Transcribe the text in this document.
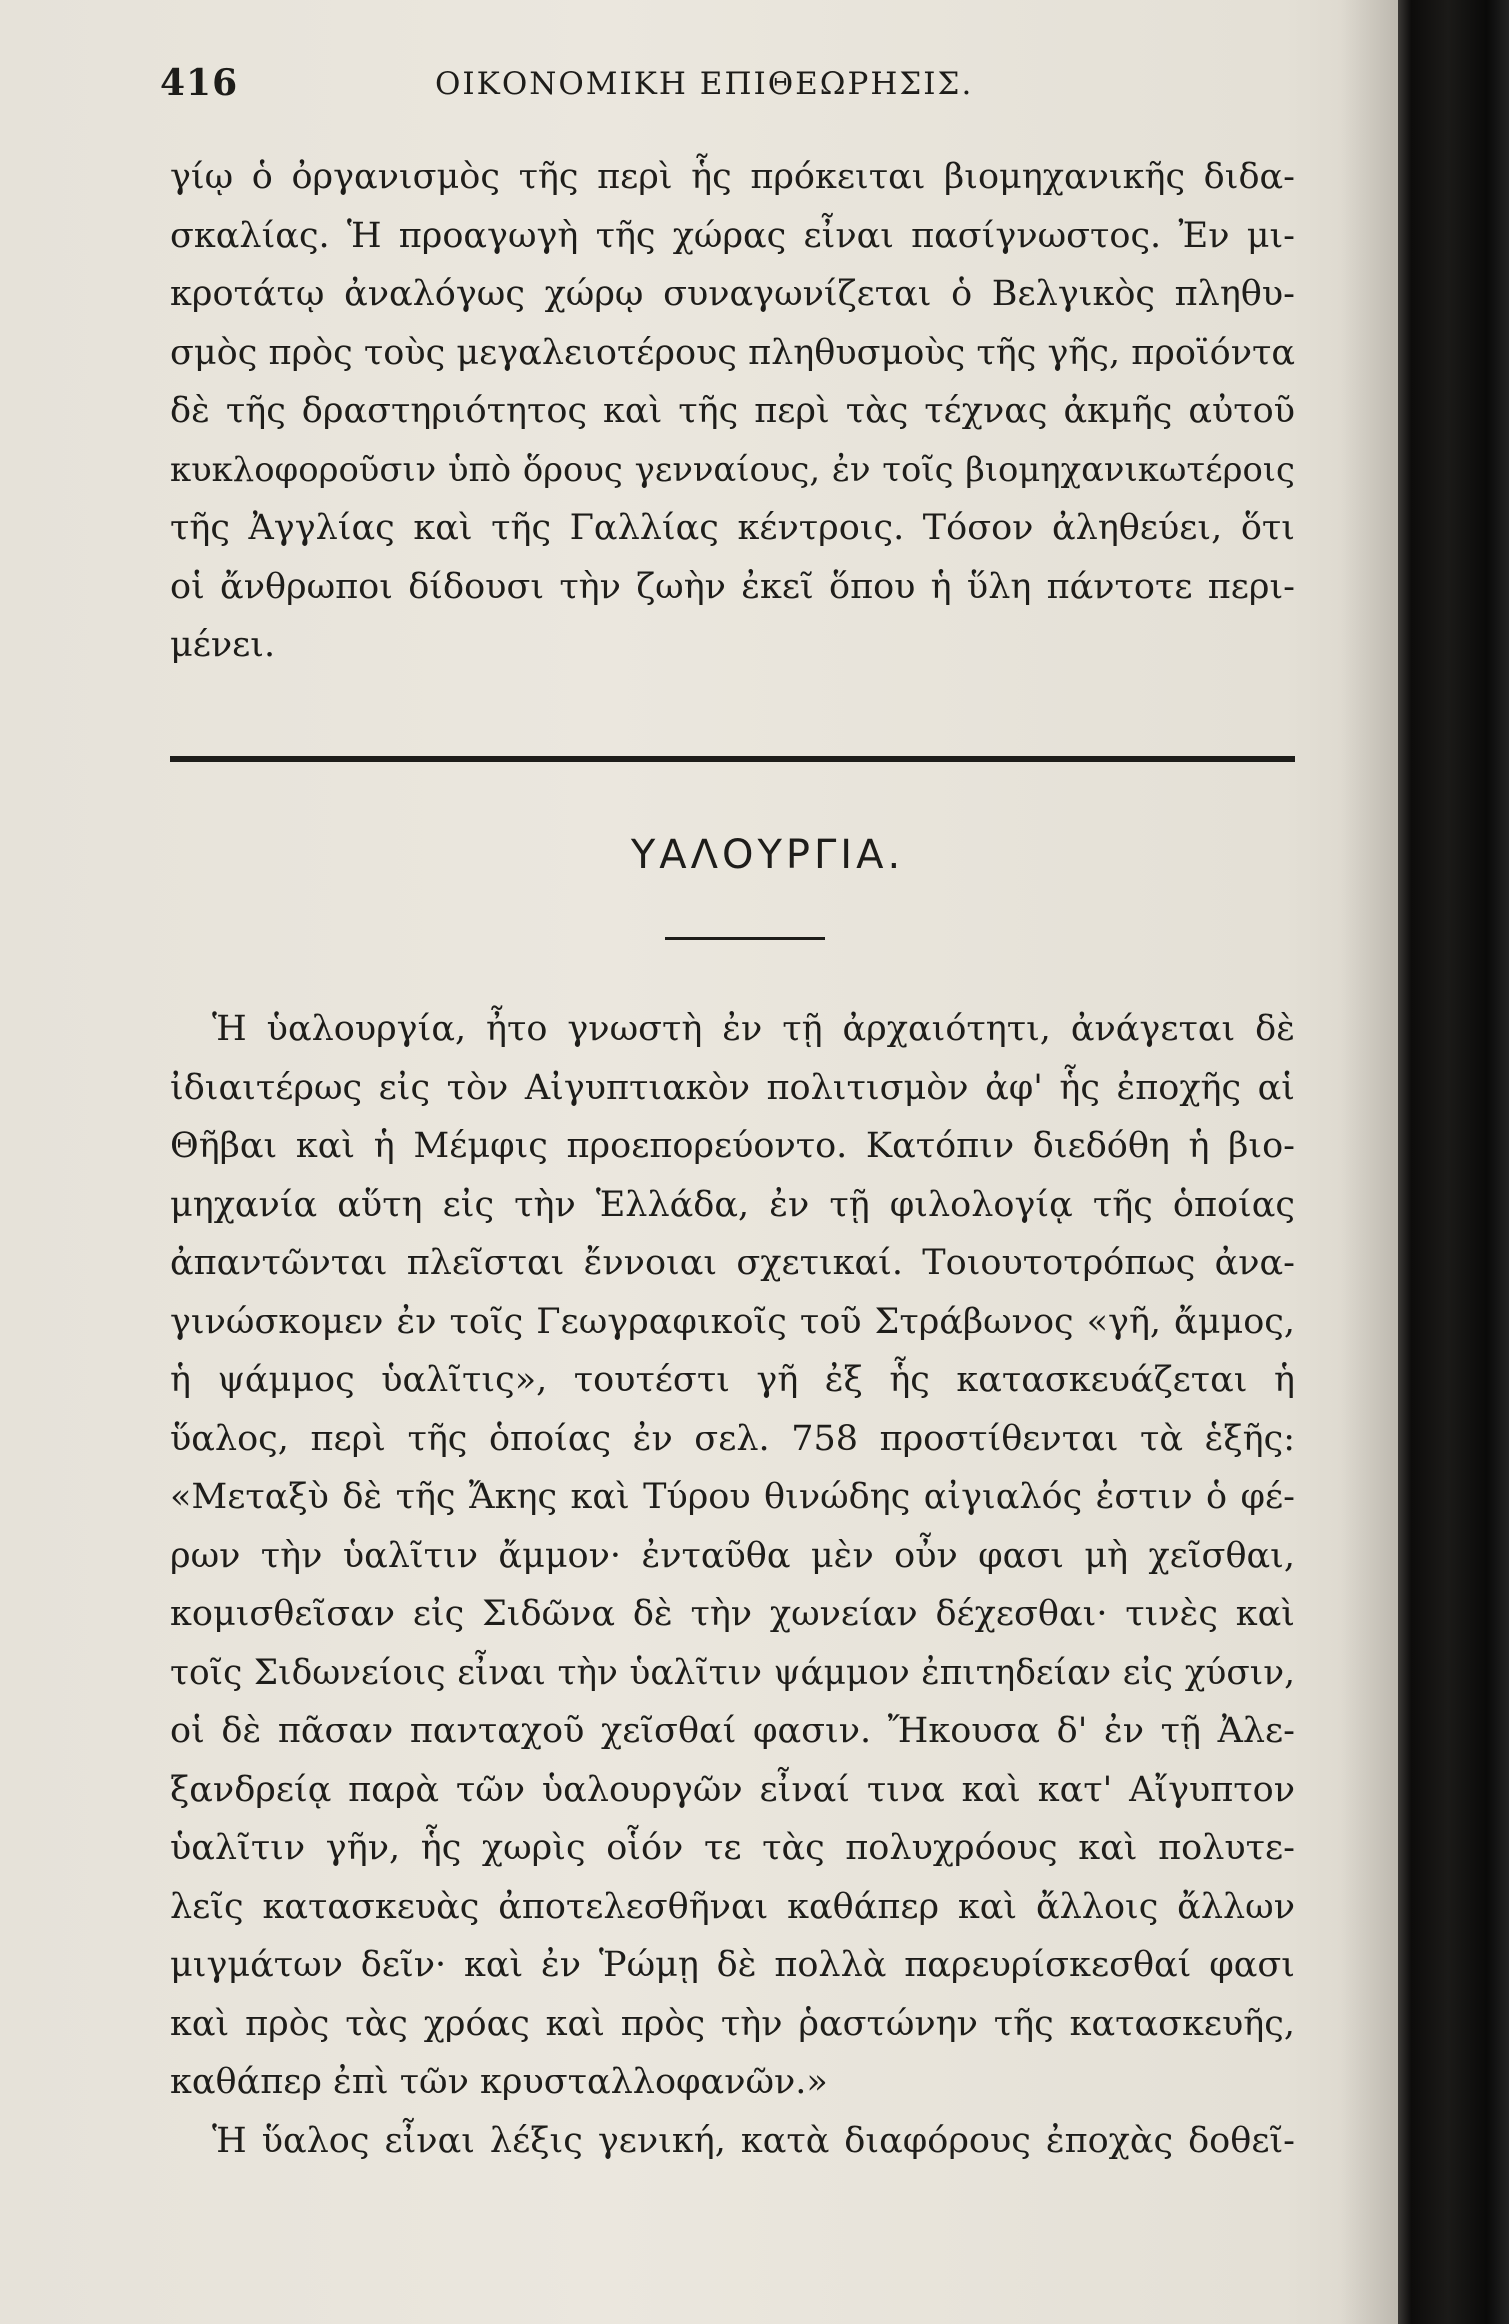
416	ΟΙΚΟΝΟΜΙΚΗ ΕΠΙΘΕΩΡΗΣΙΣ.
γίῳ ὁ ὀργανισμὸς τῆς περὶ ἧς πρόκειται βιομηχανικῆς διδα-
σκαλίας. Ἡ προαγωγὴ τῆς χώρας εἶναι πασίγνωστος. Ἐν μι-
κροτάτῳ ἀναλόγως χώρῳ συναγωνίζεται ὁ Βελγικὸς πληθυ-
σμὸς πρὸς τοὺς μεγαλειοτέρους πληθυσμοὺς τῆς γῆς, προϊόντα
δὲ τῆς δραστηριότητος καὶ τῆς περὶ τὰς τέχνας ἀκμῆς αὐτοῦ
κυκλοφοροῦσιν ὑπὸ ὅρους γενναίους, ἐν τοῖς βιομηχανικωτέροις
τῆς Ἀγγλίας καὶ τῆς Γαλλίας κέντροις. Τόσον ἀληθεύει, ὅτι
οἱ ἄνθρωποι δίδουσι τὴν ζωὴν ἐκεῖ ὅπου ἡ ὕλη πάντοτε περι-
μένει.
ΥΑΛΟΥΡΓΙΑ.
Ἡ ὑαλουργία, ἦτο γνωστὴ ἐν τῇ ἀρχαιότητι, ἀνάγεται δὲ
ἰδιαιτέρως εἰς τὸν Αἰγυπτιακὸν πολιτισμὸν ἀφ' ἧς ἐποχῆς αἱ
Θῆβαι καὶ ἡ Μέμφις προεπορεύοντο. Κατόπιν διεδόθη ἡ βιο-
μηχανία αὕτη εἰς τὴν Ἑλλάδα, ἐν τῇ φιλολογίᾳ τῆς ὁποίας
ἀπαντῶνται πλεῖσται ἔννοιαι σχετικαί. Τοιουτοτρόπως ἀνα-
γινώσκομεν ἐν τοῖς Γεωγραφικοῖς τοῦ Στράβωνος «γῆ, ἄμμος,
ἡ ψάμμος ὑαλῖτις», τουτέστι γῆ ἐξ ἧς κατασκευάζεται ἡ
ὕαλος, περὶ τῆς ὁποίας ἐν σελ. 758 προστίθενται τὰ ἑξῆς:
«Μεταξὺ δὲ τῆς Ἄκης καὶ Τύρου θινώδης αἰγιαλός ἐστιν ὁ φέ-
ρων τὴν ὑαλῖτιν ἄμμον· ἐνταῦθα μὲν οὖν φασι μὴ χεῖσθαι,
κομισθεῖσαν εἰς Σιδῶνα δὲ τὴν χωνείαν δέχεσθαι· τινὲς καὶ
τοῖς Σιδωνείοις εἶναι τὴν ὑαλῖτιν ψάμμον ἐπιτηδείαν εἰς χύσιν,
οἱ δὲ πᾶσαν πανταχοῦ χεῖσθαί φασιν. Ἤκουσα δ' ἐν τῇ Ἀλε-
ξανδρείᾳ παρὰ τῶν ὑαλουργῶν εἶναί τινα καὶ κατ' Αἴγυπτον
ὑαλῖτιν γῆν, ἧς χωρὶς οἷόν τε τὰς πολυχρόους καὶ πολυτε-
λεῖς κατασκευὰς ἀποτελεσθῆναι καθάπερ καὶ ἄλλοις ἄλλων
μιγμάτων δεῖν· καὶ ἐν Ῥώμῃ δὲ πολλὰ παρευρίσκεσθαί φασι
καὶ πρὸς τὰς χρόας καὶ πρὸς τὴν ῥαστώνην τῆς κατασκευῆς,
καθάπερ ἐπὶ τῶν κρυσταλλοφανῶν.»
Ἡ ὕαλος εἶναι λέξις γενική, κατὰ διαφόρους ἐποχὰς δοθεῖ-
